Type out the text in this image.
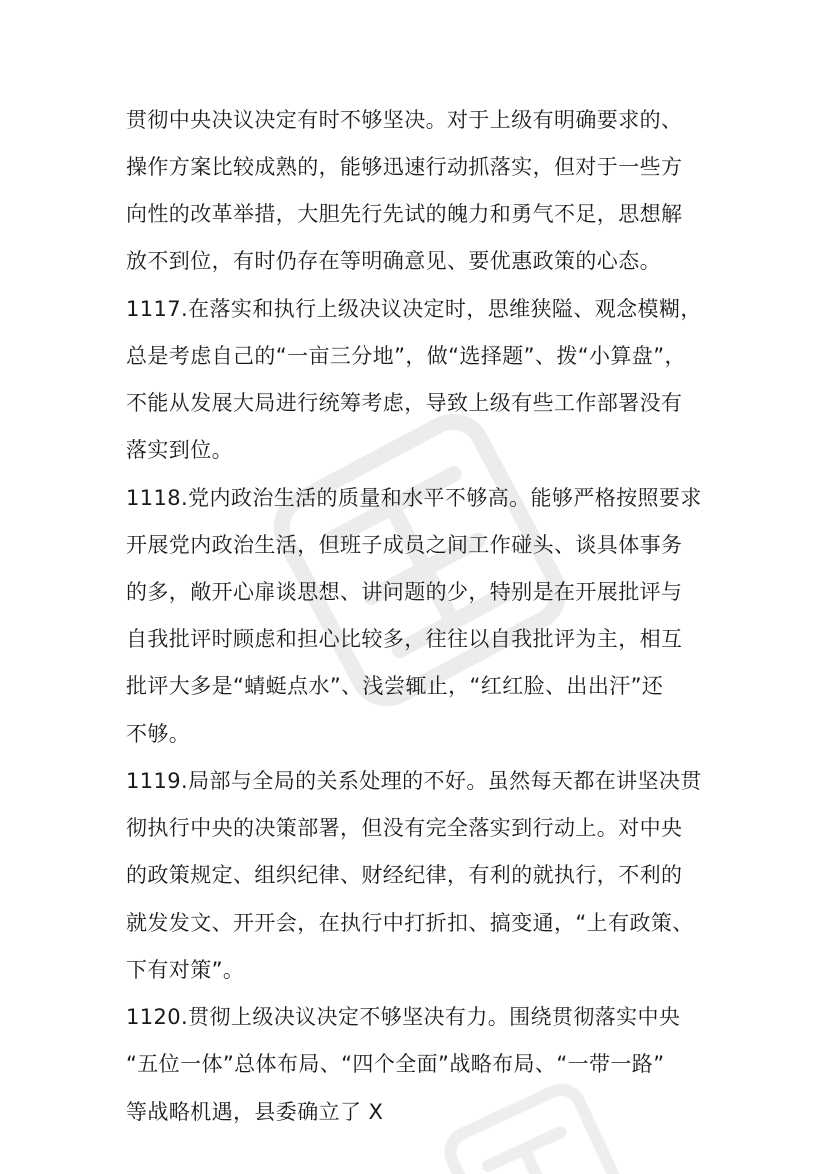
贯彻中央决议决定有时不够坚决。对于上级有明确要求的、
操作方案比较成熟的，能够迅速行动抓落实，但对于一些方
向性的改革举措，大胆先行先试的魄力和勇气不足，思想解
放不到位，有时仍存在等明确意见、要优惠政策的心态。
1117.在落实和执行上级决议决定时，思维狭隘、观念模糊，
总是考虑自己的“一亩三分地”，做“选择题”、拨“小算盘”，
不能从发展大局进行统筹考虑，导致上级有些工作部署没有
落实到位。
1118.党内政治生活的质量和水平不够高。能够严格按照要求
开展党内政治生活，但班子成员之间工作碰头、谈具体事务
的多，敞开心扉谈思想、讲问题的少，特别是在开展批评与
自我批评时顾虑和担心比较多，往往以自我批评为主，相互
批评大多是“蜻蜓点水”、浅尝辄止，“红红脸、出出汗”还
不够。
1119.局部与全局的关系处理的不好。虽然每天都在讲坚决贯
彻执行中央的决策部署，但没有完全落实到行动上。对中央
的政策规定、组织纪律、财经纪律，有利的就执行，不利的
就发发文、开开会，在执行中打折扣、搞变通，“上有政策、
下有对策”。
1120.贯彻上级决议决定不够坚决有力。围绕贯彻落实中央
“五位一体”总体布局、“四个全面”战略布局、“一带一路”
等战略机遇，县委确立了 X
